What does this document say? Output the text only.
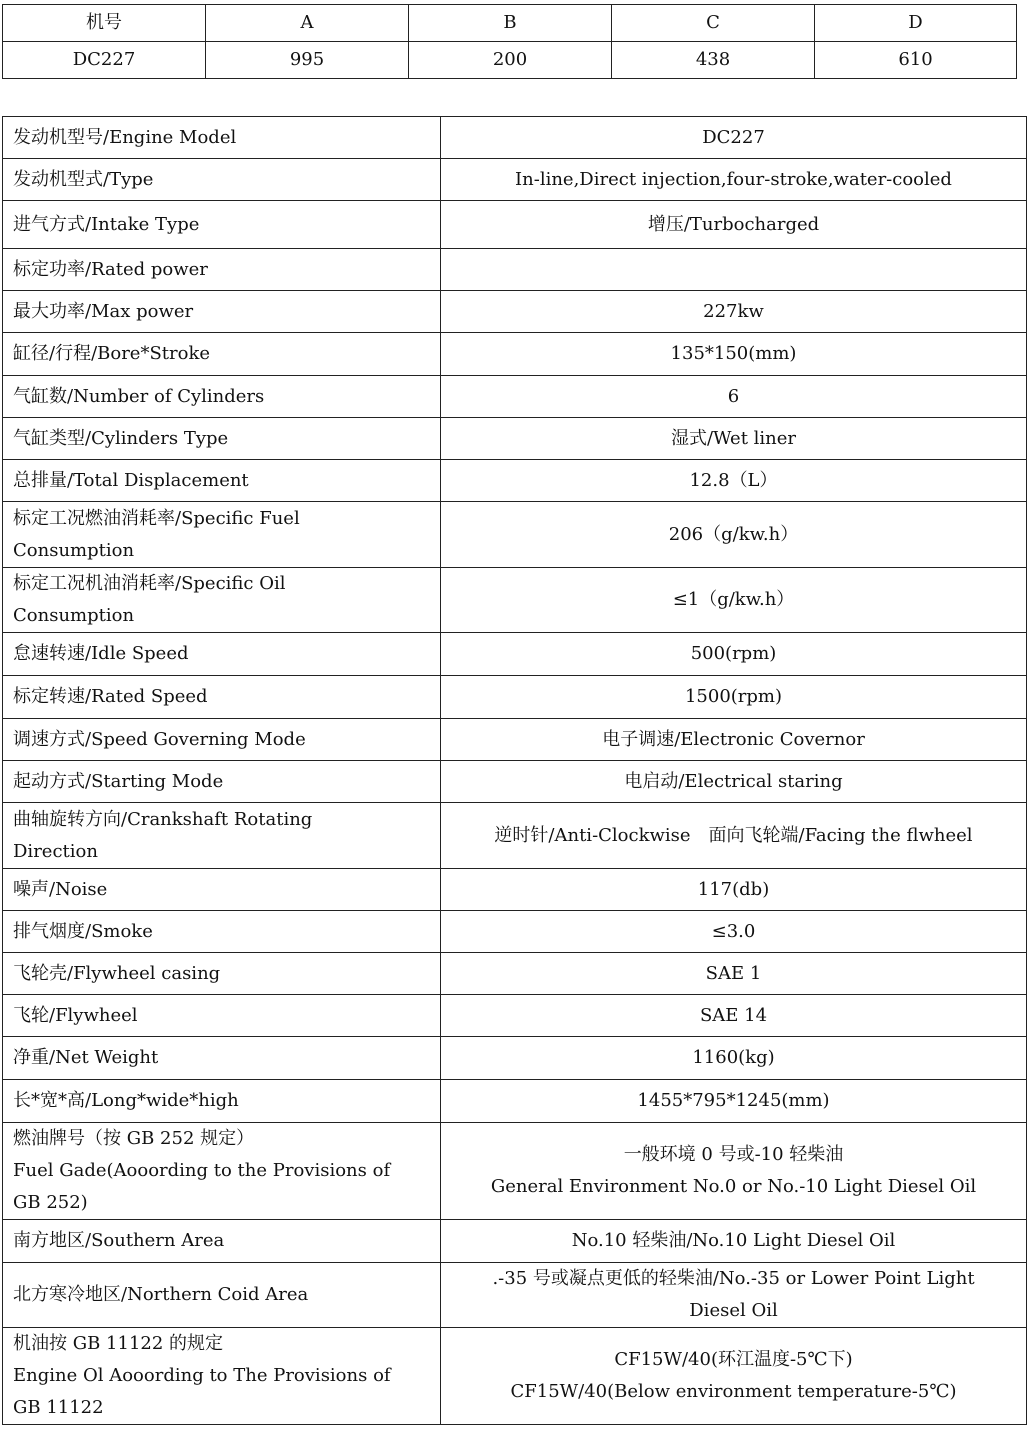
机号	A	B	C	D
DC227	995	200	438	610
发动机型号/Engine Model	DC227

发动机型式/Type	In-line,Direct injection,four-stroke,water-cooled

进气方式/Intake Type	增压/Turbocharged

标定功率/Rated power	

最大功率/Max power	227kw

缸径/行程/Bore*Stroke	135*150(mm)

气缸数/Number of Cylinders	6

气缸类型/Cylinders Type	湿式/Wet liner

总排量/Total Displacement	12.8（L）

标定工况燃油消耗率/Specific Fuel
Consumption	206（g/kw.h）

标定工况机油消耗率/Specific Oil
Consumption	≤1（g/kw.h）

怠速转速/Idle Speed	500(rpm)

标定转速/Rated Speed	1500(rpm)

调速方式/Speed Governing Mode	电子调速/Electronic Covernor

起动方式/Starting Mode	电启动/Electrical staring

曲轴旋转方向/Crankshaft Rotating
Direction	逆时针/Anti-Clockwise　面向飞轮端/Facing the flwheel

噪声/Noise	117(db)

排气烟度/Smoke	≤3.0

飞轮壳/Flywheel casing	SAE 1

飞轮/Flywheel	SAE 14

净重/Net Weight	1160(kg)

长*宽*高/Long*wide*high	1455*795*1245(mm)

燃油牌号（按 GB 252 规定）
Fuel Gade(Aooording to the Provisions of
GB 252)	一般环境 0 号或-10 轻柴油
General Environment No.0 or No.-10 Light Diesel Oil

南方地区/Southern Area	No.10 轻柴油/No.10 Light Diesel Oil

北方寒冷地区/Northern Coid Area	.-35 号或凝点更低的轻柴油/No.-35 or Lower Point Light
Diesel Oil

机油按 GB 11122 的规定
Engine Ol Aooording to The Provisions of
GB 11122	CF15W/40(环江温度-5℃下)
CF15W/40(Below environment temperature-5℃)
